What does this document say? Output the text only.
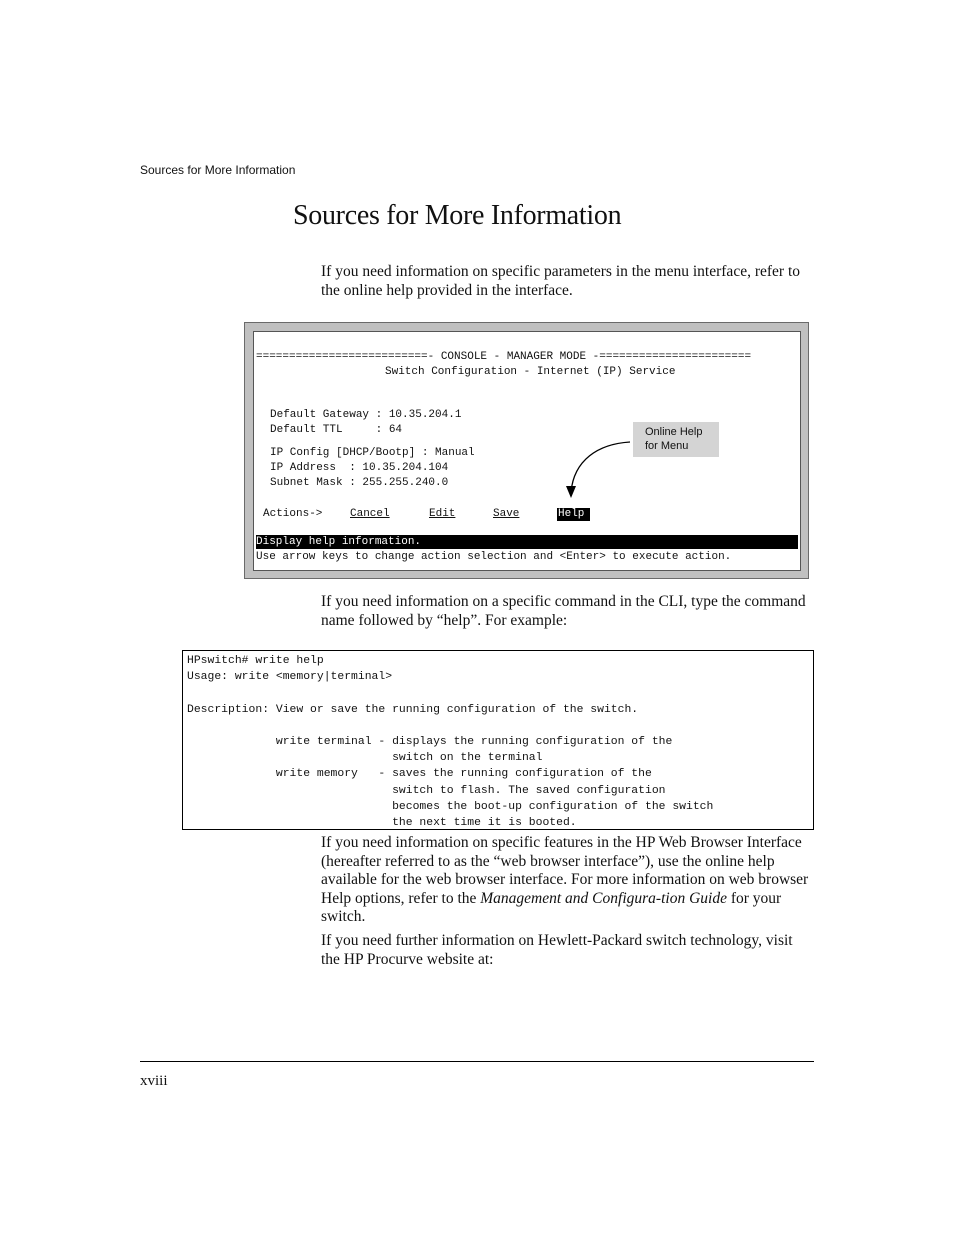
Sources for More Information
Sources for More Information

If you need information on specific parameters in the menu interface, refer to the online help provided in the interface.

==========================- CONSOLE - MANAGER MODE -=======================
Switch Configuration - Internet (IP) Service
Default Gateway : 10.35.204.1
Default TTL     : 64
IP Config [DHCP/Bootp] : Manual
IP Address  : 10.35.204.104
Subnet Mask : 255.255.240.0
Actions->	Cancel	Edit	Save	Help
Display help information.
Use arrow keys to change action selection and <Enter> to execute action.
Online Help
for Menu

If you need information on a specific command in the CLI, type the command name followed by “help”. For example:

HPswitch# write help
Usage: write <memory|terminal>

Description: View or save the running configuration of the switch.

write terminal - displays the running configuration of the
switch on the terminal
write memory   - saves the running configuration of the
switch to flash. The saved configuration
becomes the boot-up configuration of the switch
the next time it is booted.

If you need information on specific features in the HP Web Browser Interface (hereafter referred to as the “web browser interface”), use the online help available for the web browser interface. For more information on web browser Help options, refer to the Management and Configura-tion Guide for your switch.

If you need further information on Hewlett-Packard switch technology, visit the HP Procurve website at:

xviii
